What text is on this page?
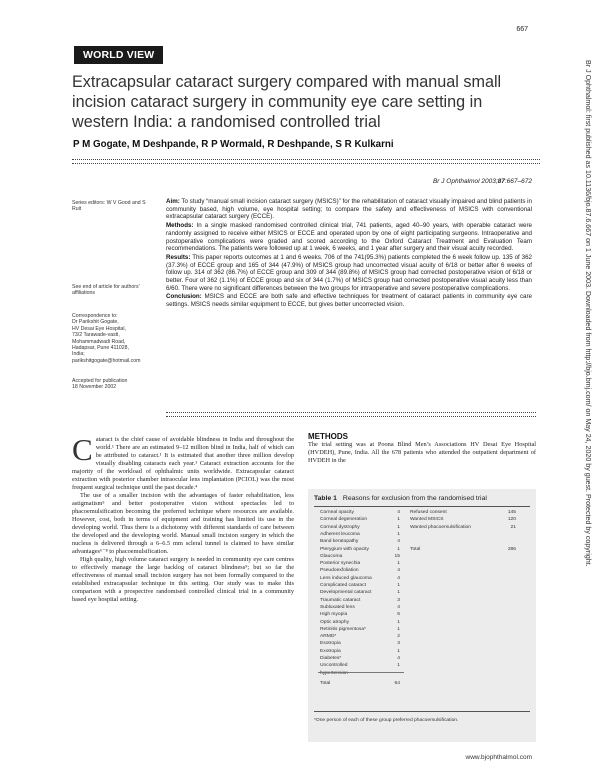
667
WORLD VIEW
Extracapsular cataract surgery compared with manual small incision cataract surgery in community eye care setting in western India: a randomised controlled trial
P M Gogate, M Deshpande, R P Wormald, R Deshpande, S R Kulkarni
Br J Ophthalmol 2003;87:667–672
Series editors: W V Good and S Ruit
See end of article for authors' affiliations
Correspondence to:
Dr Parikshit Gogate,
HV Desai Eye Hospital,
73/2 Tarawade-vasti,
Mohammadwadi Road,
Hadapsar, Pune 411028,
India;
parikshitgogate@hotmail.com
Accepted for publication
18 November 2002

Aim: To study “manual small incision cataract surgery (MSICS)” for the rehabilitation of cataract visually impaired and blind patients in community based, high volume, eye hospital setting; to compare the safety and effectiveness of MSICS with conventional extracapsular cataract surgery (ECCE).

Methods: In a single masked randomised controlled clinical trial, 741 patients, aged 40–90 years, with operable cataract were randomly assigned to receive either MSICS or ECCE and operated upon by one of eight participating surgeons. Intraoperative and postoperative complications were graded and scored according to the Oxford Cataract Treatment and Evaluation Team recommendations. The patients were followed up at 1 week, 6 weeks, and 1 year after surgery and their visual acuity recorded.

Results: This paper reports outcomes at 1 and 6 weeks. 706 of the 741(95.3%) patients completed the 6 week follow up. 135 of 362 (37.3%) of ECCE group and 165 of 344 (47.9%) of MSICS group had uncorrected visual acuity of 6/18 or better after 6 weeks of follow up. 314 of 362 (86.7%) of ECCE group and 309 of 344 (89.8%) of MSICS group had corrected postoperative vision of 6/18 or better. Four of 362 (1.1%) of ECCE group and six of 344 (1.7%) of MSICS group had corrected postoperative visual acuity less than 6/60. There were no significant differences between the two groups for intraoperative and severe postoperative complications.

Conclusion: MSICS and ECCE are both safe and effective techniques for treatment of cataract patients in community eye care settings. MSICS needs similar equipment to ECCE, but gives better uncorrected vision.

Cataract is the chief cause of avoidable blindness in India and throughout the world.¹ There are an estimated 9–12 million blind in India, half of which can be attributed to cataract.¹ It is estimated that another three million develop visually disabling cataracts each year.¹ Cataract extraction accounts for the majority of the workload of ophthalmic units worldwide. Extracapsular cataract extraction with posterior chamber intraocular lens implantation (PCIOL) was the most frequent surgical technique until the past decade.⁴

The use of a smaller incision with the advantages of faster rehabilitation, less astigmatism⁵ and better postoperative vision without spectacles led to phacoemulsification becoming the preferred technique where resources are available. However, cost, both in terms of equipment and training has limited its use in the developing world. Thus there is a dichotomy with different standards of care between the developed and the developing world. Manual small incision surgery in which the nucleus is delivered through a 6–6.5 mm scleral tunnel is claimed to have similar advantages⁶⁻⁸ to phacoemulsification.

High quality, high volume cataract surgery is needed in community eye care centres to effectively manage the large backlog of cataract blindness⁹; but so far the effectiveness of manual small incision surgery has not been formally compared to the established extracapsular technique in this setting. Our study was to make this comparison with a prospective randomised controlled clinical trial in a community based eye hospital setting.

METHODS

The trial setting was at Poona Blind Men’s Associations HV Desai Eye Hospital (HVDEH), Pune, India. All the 678 patients who attended the outpatient department of HVDEH in the

Table 1 Reasons for exclusion from the randomised trial
Corneal opacity	4
Corneal degeneration	1
Corneal dystrophy	1
Adherent leucoma	1
Band keratopathy	4
Pterygium with opacity	1
Glaucoma	15
Posterior synechia	1
Pseudoexfoliation	4
Lens induced glaucoma	4
Complicated cataract	1
Developmental cataract	1
Traumatic cataract	3
Subluxated lens	4
High myopia	6
Optic atrophy	1
Retinitis pigmentosa*	1
ARMD*	2
Esotropia	3
Exotropia	1
Diabetes*	4
Uncontrolled	1
hypertension
Total	64
Refused consent	145
Wanted MSICS	120
Wanted phacoemulsification	21
Total	286
*One person of each of these group preferred phacoemulsification.
Br J Ophthalmol: first published as 10.1136/bjo.87.6.667 on 1 June 2003. Downloaded from http://bjo.bmj.com/ on May 24, 2020 by guest. Protected by copyright.
www.bjophthalmol.com
